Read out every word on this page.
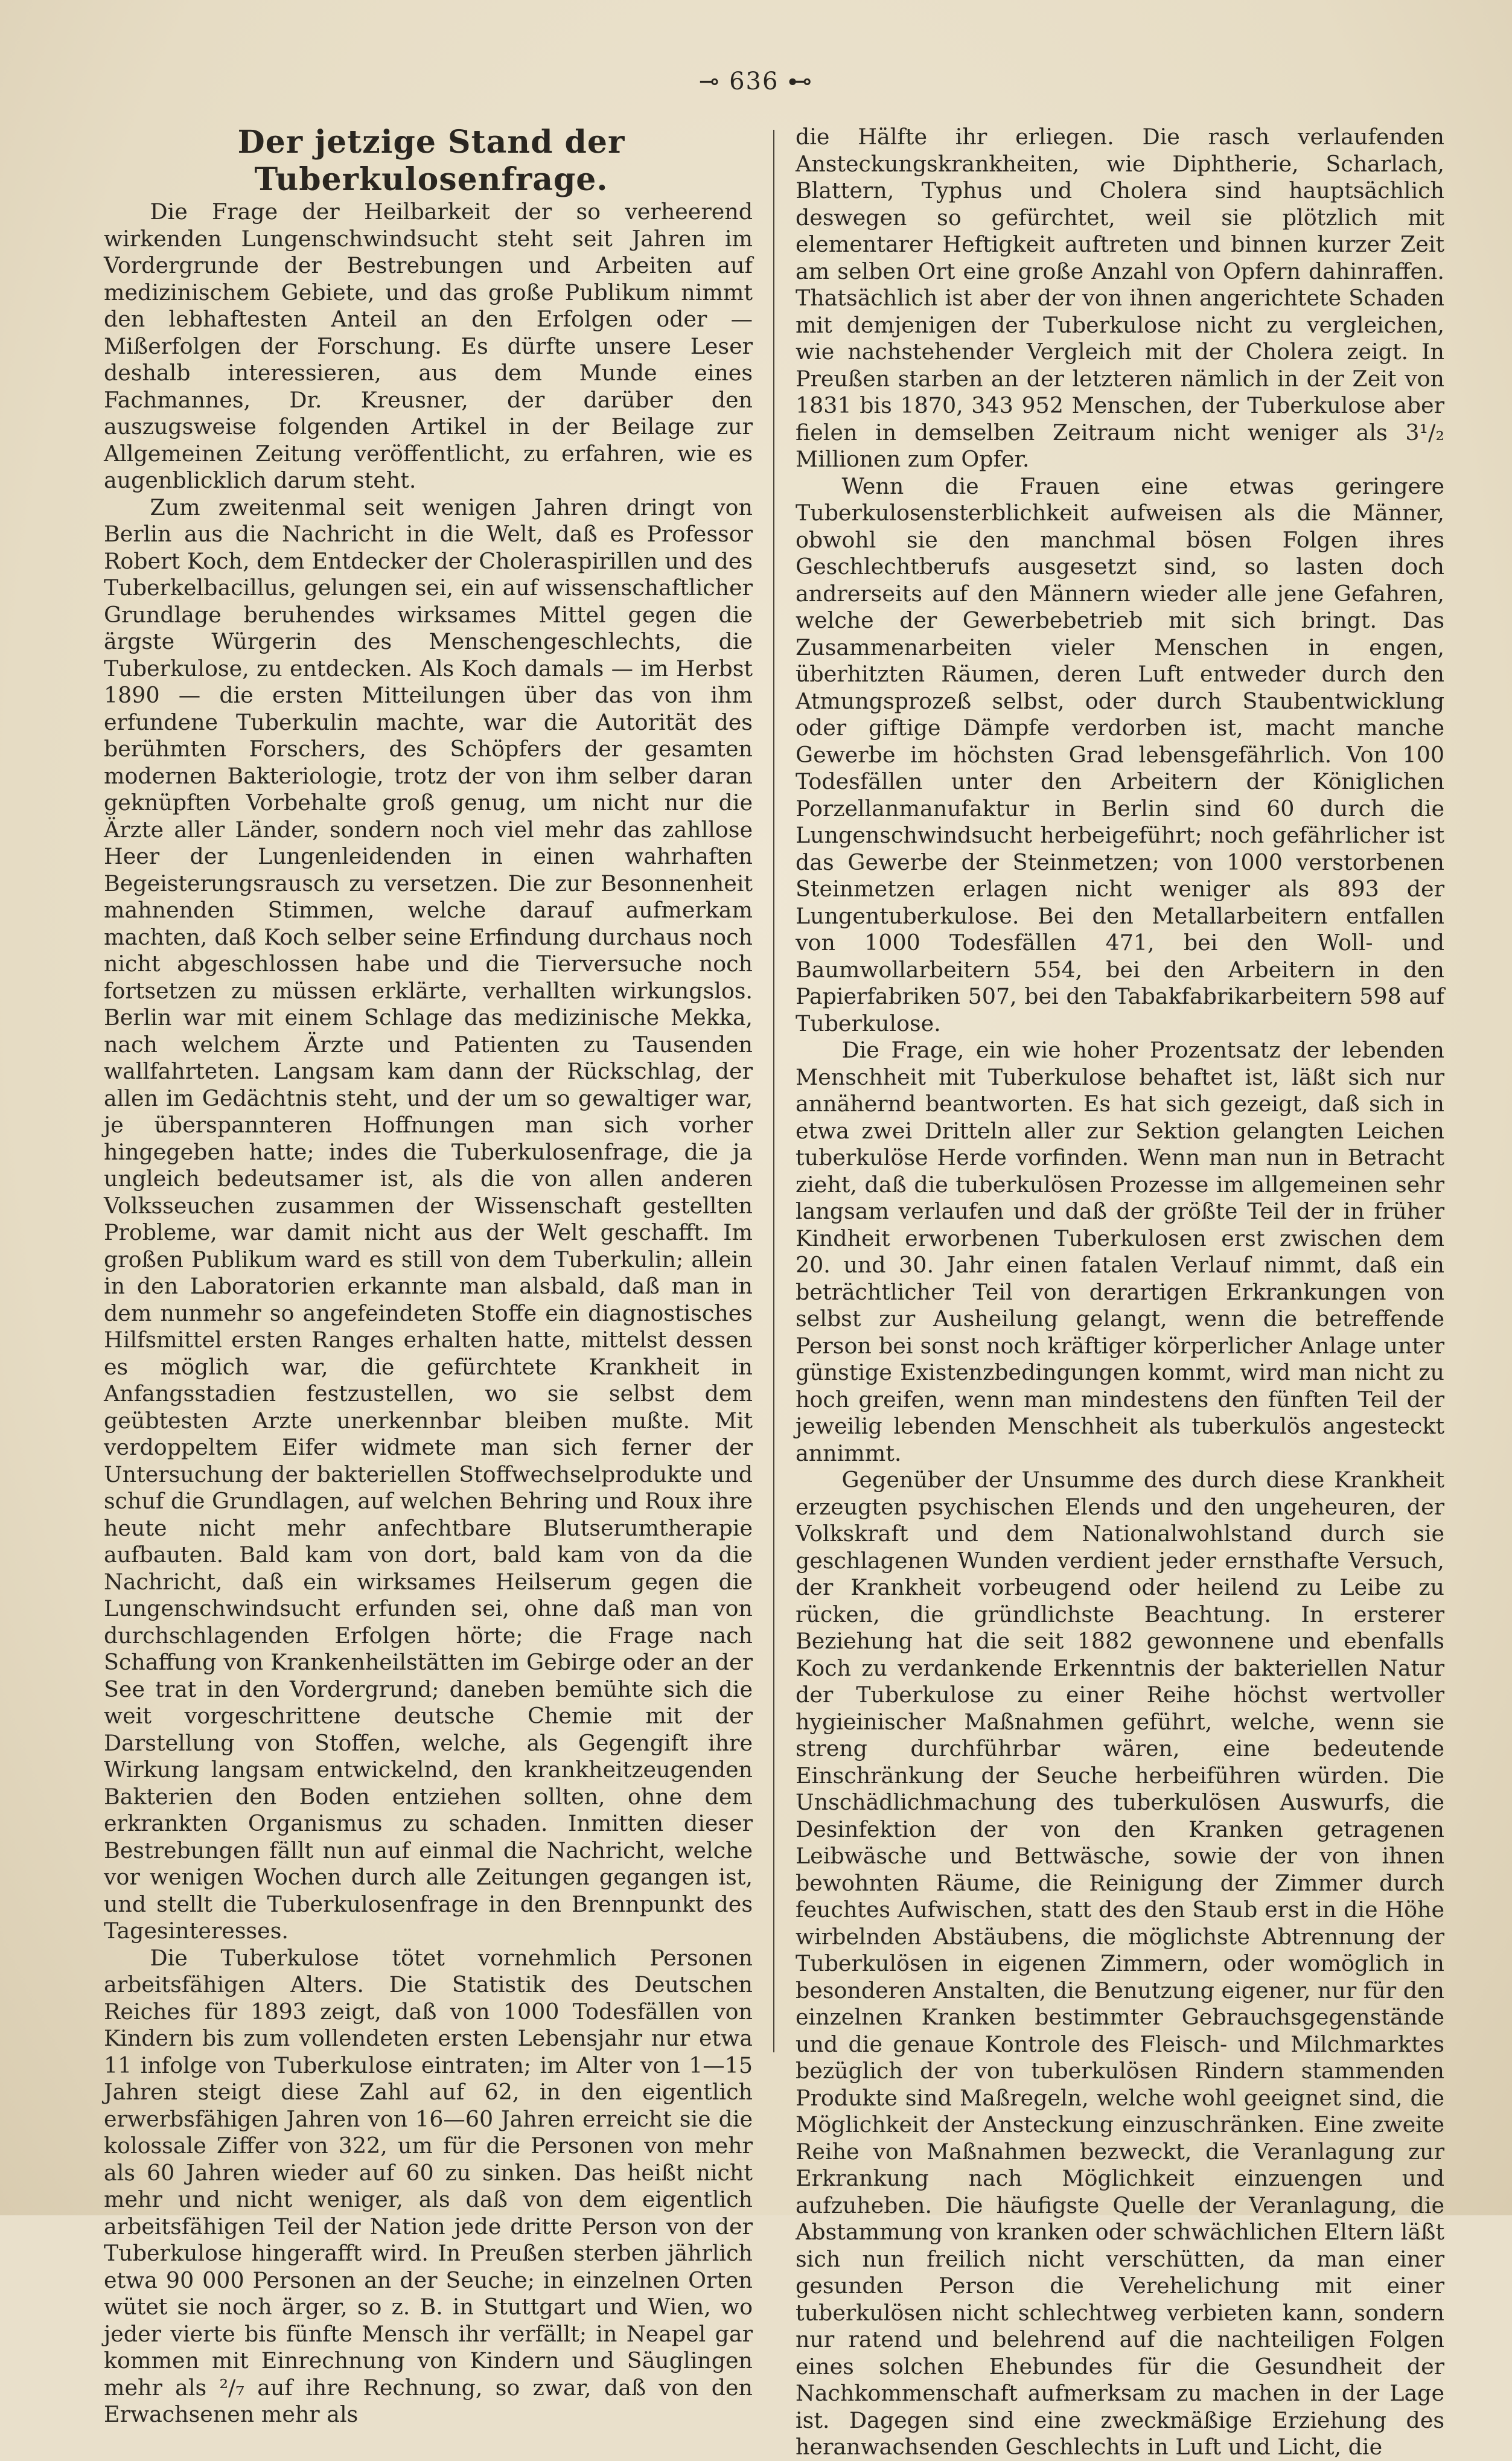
⊸ 636 ⊷
Der jetzige Stand der Tuberkulosenfrage.

Die Frage der Heilbarkeit der so verheerend wirkenden Lungenschwindsucht steht seit Jahren im Vordergrunde der Bestrebungen und Arbeiten auf medizinischem Gebiete, und das große Publikum nimmt den lebhaftesten Anteil an den Erfolgen oder — Mißerfolgen der Forschung. Es dürfte unsere Leser deshalb interessieren, aus dem Munde eines Fachmannes, Dr. Kreusner, der darüber den auszugsweise folgenden Artikel in der Beilage zur Allgemeinen Zeitung veröffentlicht, zu erfahren, wie es augenblicklich darum steht.

Zum zweitenmal seit wenigen Jahren dringt von Berlin aus die Nachricht in die Welt, daß es Professor Robert Koch, dem Entdecker der Choleraspirillen und des Tuberkelbacillus, gelungen sei, ein auf wissenschaftlicher Grundlage beruhendes wirksames Mittel gegen die ärgste Würgerin des Menschengeschlechts, die Tuberkulose, zu entdecken. Als Koch damals — im Herbst 1890 — die ersten Mitteilungen über das von ihm erfundene Tuberkulin machte, war die Autorität des berühmten Forschers, des Schöpfers der gesamten modernen Bakteriologie, trotz der von ihm selber daran geknüpften Vorbehalte groß genug, um nicht nur die Ärzte aller Länder, sondern noch viel mehr das zahllose Heer der Lungenleidenden in einen wahrhaften Begeisterungsrausch zu versetzen. Die zur Besonnenheit mahnenden Stimmen, welche darauf aufmerkam machten, daß Koch selber seine Erfindung durchaus noch nicht abgeschlossen habe und die Tierversuche noch fortsetzen zu müssen erklärte, verhallten wirkungslos. Berlin war mit einem Schlage das medizinische Mekka, nach welchem Ärzte und Patienten zu Tausenden wallfahrteten. Langsam kam dann der Rückschlag, der allen im Gedächtnis steht, und der um so gewaltiger war, je überspannteren Hoffnungen man sich vorher hingegeben hatte; indes die Tuberkulosenfrage, die ja ungleich bedeutsamer ist, als die von allen anderen Volksseuchen zusammen der Wissenschaft gestellten Probleme, war damit nicht aus der Welt geschafft. Im großen Publikum ward es still von dem Tuberkulin; allein in den Laboratorien erkannte man alsbald, daß man in dem nunmehr so angefeindeten Stoffe ein diagnostisches Hilfsmittel ersten Ranges erhalten hatte, mittelst dessen es möglich war, die gefürchtete Krankheit in Anfangsstadien festzustellen, wo sie selbst dem geübtesten Arzte unerkennbar bleiben mußte. Mit verdoppeltem Eifer widmete man sich ferner der Untersuchung der bakteriellen Stoffwechselprodukte und schuf die Grundlagen, auf welchen Behring und Roux ihre heute nicht mehr anfechtbare Blutserumtherapie aufbauten. Bald kam von dort, bald kam von da die Nachricht, daß ein wirksames Heilserum gegen die Lungenschwindsucht erfunden sei, ohne daß man von durchschlagenden Erfolgen hörte; die Frage nach Schaffung von Krankenheilstätten im Gebirge oder an der See trat in den Vordergrund; daneben bemühte sich die weit vorgeschrittene deutsche Chemie mit der Darstellung von Stoffen, welche, als Gegengift ihre Wirkung langsam entwickelnd, den krankheitzeugenden Bakterien den Boden entziehen sollten, ohne dem erkrankten Organismus zu schaden. Inmitten dieser Bestrebungen fällt nun auf einmal die Nachricht, welche vor wenigen Wochen durch alle Zeitungen gegangen ist, und stellt die Tuberkulosenfrage in den Brennpunkt des Tagesinteresses.

Die Tuberkulose tötet vornehmlich Personen arbeitsfähigen Alters. Die Statistik des Deutschen Reiches für 1893 zeigt, daß von 1000 Todesfällen von Kindern bis zum vollendeten ersten Lebensjahr nur etwa 11 infolge von Tuberkulose eintraten; im Alter von 1—15 Jahren steigt diese Zahl auf 62, in den eigentlich erwerbsfähigen Jahren von 16—60 Jahren erreicht sie die kolossale Ziffer von 322, um für die Personen von mehr als 60 Jahren wieder auf 60 zu sinken. Das heißt nicht mehr und nicht weniger, als daß von dem eigentlich arbeitsfähigen Teil der Nation jede dritte Person von der Tuberkulose hingerafft wird. In Preußen sterben jährlich etwa 90 000 Personen an der Seuche; in einzelnen Orten wütet sie noch ärger, so z. B. in Stuttgart und Wien, wo jeder vierte bis fünfte Mensch ihr verfällt; in Neapel gar kommen mit Einrechnung von Kindern und Säuglingen mehr als ²/₇ auf ihre Rechnung, so zwar, daß von den Erwachsenen mehr als

die Hälfte ihr erliegen. Die rasch verlaufenden Ansteckungskrankheiten, wie Diphtherie, Scharlach, Blattern, Typhus und Cholera sind hauptsächlich deswegen so gefürchtet, weil sie plötzlich mit elementarer Heftigkeit auftreten und binnen kurzer Zeit am selben Ort eine große Anzahl von Opfern dahinraffen. Thatsächlich ist aber der von ihnen angerichtete Schaden mit demjenigen der Tuberkulose nicht zu vergleichen, wie nachstehender Vergleich mit der Cholera zeigt. In Preußen starben an der letzteren nämlich in der Zeit von 1831 bis 1870, 343 952 Menschen, der Tuberkulose aber fielen in demselben Zeitraum nicht weniger als 3¹/₂ Millionen zum Opfer.

Wenn die Frauen eine etwas geringere Tuberkulosensterblichkeit aufweisen als die Männer, obwohl sie den manchmal bösen Folgen ihres Geschlechtberufs ausgesetzt sind, so lasten doch andrerseits auf den Männern wieder alle jene Gefahren, welche der Gewerbebetrieb mit sich bringt. Das Zusammenarbeiten vieler Menschen in engen, überhitzten Räumen, deren Luft entweder durch den Atmungsprozeß selbst, oder durch Staubentwicklung oder giftige Dämpfe verdorben ist, macht manche Gewerbe im höchsten Grad lebensgefährlich. Von 100 Todesfällen unter den Arbeitern der Königlichen Porzellanmanufaktur in Berlin sind 60 durch die Lungenschwindsucht herbeigeführt; noch gefährlicher ist das Gewerbe der Steinmetzen; von 1000 verstorbenen Steinmetzen erlagen nicht weniger als 893 der Lungentuberkulose. Bei den Metallarbeitern entfallen von 1000 Todesfällen 471, bei den Woll- und Baumwollarbeitern 554, bei den Arbeitern in den Papierfabriken 507, bei den Tabakfabrikarbeitern 598 auf Tuberkulose.

Die Frage, ein wie hoher Prozentsatz der lebenden Menschheit mit Tuberkulose behaftet ist, läßt sich nur annähernd beantworten. Es hat sich gezeigt, daß sich in etwa zwei Dritteln aller zur Sektion gelangten Leichen tuberkulöse Herde vorfinden. Wenn man nun in Betracht zieht, daß die tuberkulösen Prozesse im allgemeinen sehr langsam verlaufen und daß der größte Teil der in früher Kindheit erworbenen Tuberkulosen erst zwischen dem 20. und 30. Jahr einen fatalen Verlauf nimmt, daß ein beträchtlicher Teil von derartigen Erkrankungen von selbst zur Ausheilung gelangt, wenn die betreffende Person bei sonst noch kräftiger körperlicher Anlage unter günstige Existenzbedingungen kommt, wird man nicht zu hoch greifen, wenn man mindestens den fünften Teil der jeweilig lebenden Menschheit als tuberkulös angesteckt annimmt.

Gegenüber der Unsumme des durch diese Krankheit erzeugten psychischen Elends und den ungeheuren, der Volkskraft und dem Nationalwohlstand durch sie geschlagenen Wunden verdient jeder ernsthafte Versuch, der Krankheit vorbeugend oder heilend zu Leibe zu rücken, die gründlichste Beachtung. In ersterer Beziehung hat die seit 1882 gewonnene und ebenfalls Koch zu verdankende Erkenntnis der bakteriellen Natur der Tuberkulose zu einer Reihe höchst wertvoller hygieinischer Maßnahmen geführt, welche, wenn sie streng durchführbar wären, eine bedeutende Einschränkung der Seuche herbeiführen würden. Die Unschädlichmachung des tuberkulösen Auswurfs, die Desinfektion der von den Kranken getragenen Leibwäsche und Bettwäsche, sowie der von ihnen bewohnten Räume, die Reinigung der Zimmer durch feuchtes Aufwischen, statt des den Staub erst in die Höhe wirbelnden Abstäubens, die möglichste Abtrennung der Tuberkulösen in eigenen Zimmern, oder womöglich in besonderen Anstalten, die Benutzung eigener, nur für den einzelnen Kranken bestimmter Gebrauchsgegenstände und die genaue Kontrole des Fleisch- und Milchmarktes bezüglich der von tuberkulösen Rindern stammenden Produkte sind Maßregeln, welche wohl geeignet sind, die Möglichkeit der Ansteckung einzuschränken. Eine zweite Reihe von Maßnahmen bezweckt, die Veranlagung zur Erkrankung nach Möglichkeit einzuengen und aufzuheben. Die häufigste Quelle der Veranlagung, die Abstammung von kranken oder schwächlichen Eltern läßt sich nun freilich nicht verschütten, da man einer gesunden Person die Verehelichung mit einer tuberkulösen nicht schlechtweg verbieten kann, sondern nur ratend und belehrend auf die nachteiligen Folgen eines solchen Ehebundes für die Gesundheit der Nachkommenschaft aufmerksam zu machen in der Lage ist. Dagegen sind eine zweckmäßige Erziehung des heranwachsenden Geschlechts in Luft und Licht, die
